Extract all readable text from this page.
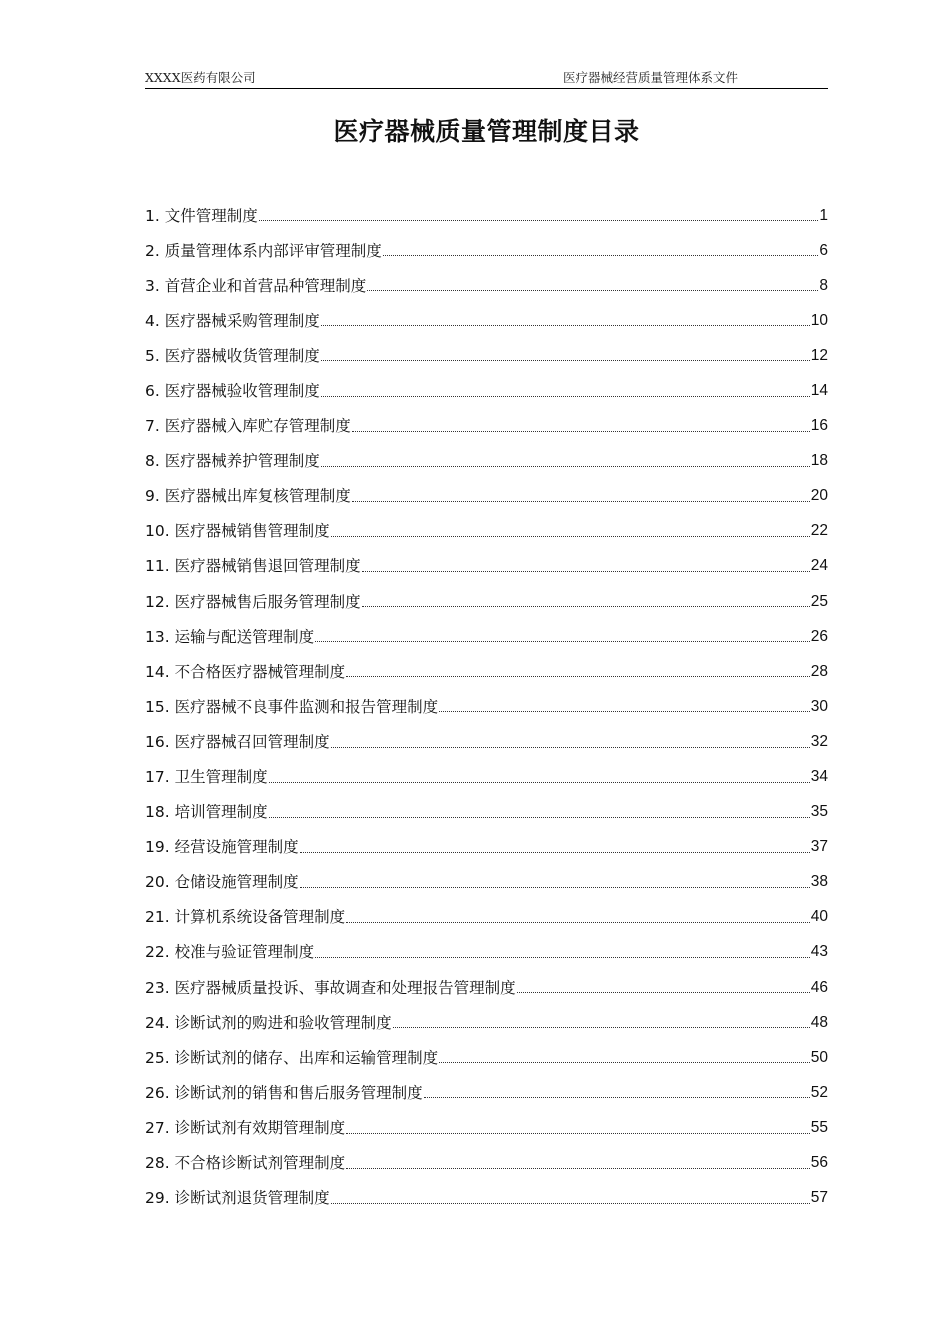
XXXX医药有限公司	医疗器械经营质量管理体系文件
医疗器械质量管理制度目录
1. 文件管理制度	1
2. 质量管理体系内部评审管理制度	6
3. 首营企业和首营品种管理制度	8
4. 医疗器械采购管理制度	10
5. 医疗器械收货管理制度	12
6. 医疗器械验收管理制度	14
7. 医疗器械入库贮存管理制度	16
8. 医疗器械养护管理制度	18
9. 医疗器械出库复核管理制度	20
10. 医疗器械销售管理制度	22
11. 医疗器械销售退回管理制度	24
12. 医疗器械售后服务管理制度	25
13. 运输与配送管理制度	26
14. 不合格医疗器械管理制度	28
15. 医疗器械不良事件监测和报告管理制度	30
16. 医疗器械召回管理制度	32
17. 卫生管理制度	34
18. 培训管理制度	35
19. 经营设施管理制度	37
20. 仓储设施管理制度	38
21. 计算机系统设备管理制度	40
22. 校准与验证管理制度	43
23. 医疗器械质量投诉、事故调查和处理报告管理制度	46
24. 诊断试剂的购进和验收管理制度	48
25. 诊断试剂的储存、出库和运输管理制度	50
26. 诊断试剂的销售和售后服务管理制度	52
27. 诊断试剂有效期管理制度	55
28. 不合格诊断试剂管理制度	56
29. 诊断试剂退货管理制度	57
